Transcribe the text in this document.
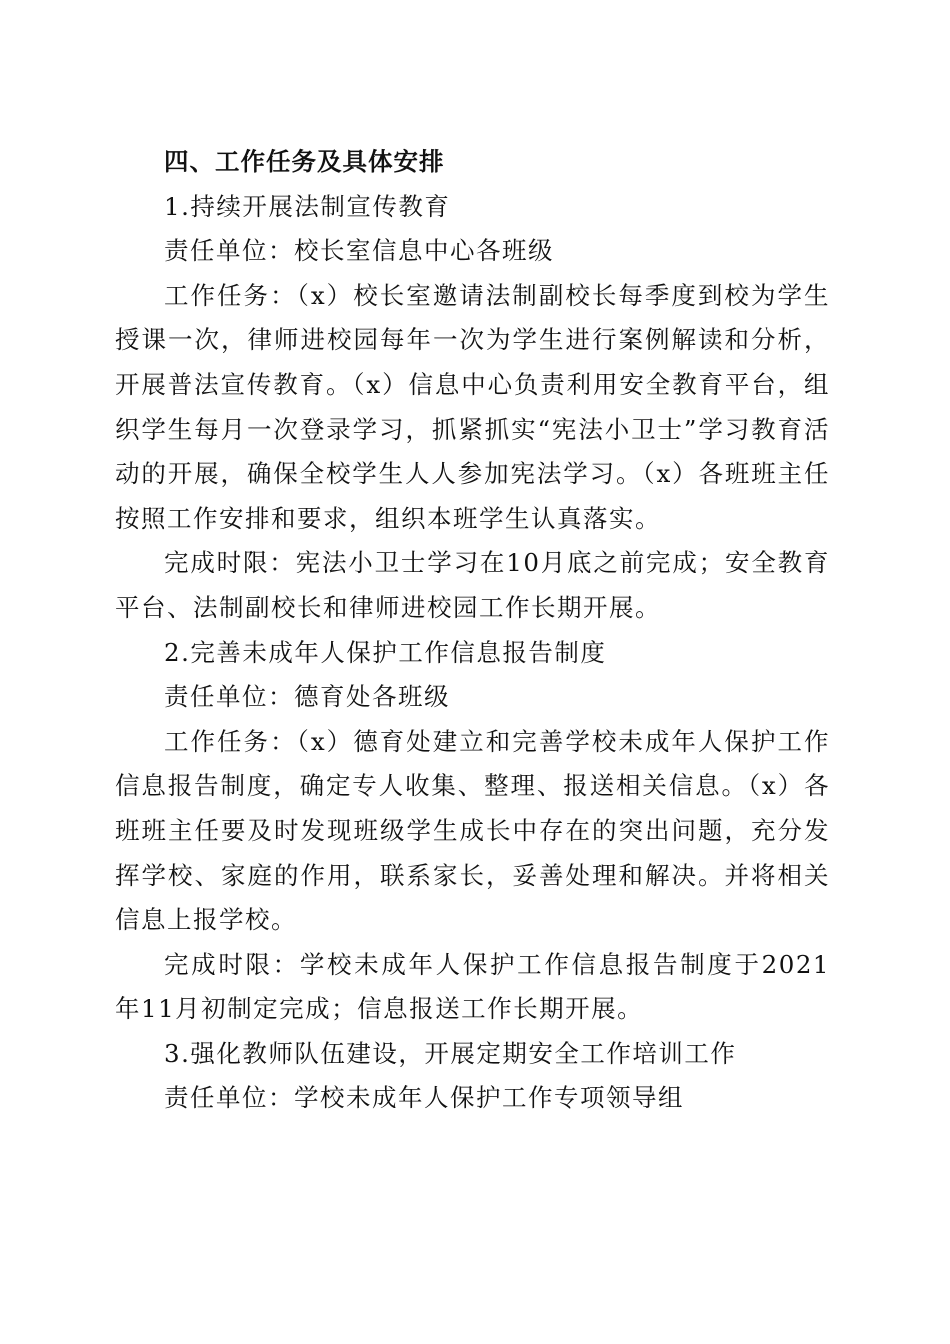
四、工作任务及具体安排

1.持续开展法制宣传教育

责任单位：校长室信息中心各班级

工作任务：（x）校长室邀请法制副校长每季度到校为学生授课一次，律师进校园每年一次为学生进行案例解读和分析，开展普法宣传教育。（x）信息中心负责利用安全教育平台，组织学生每月一次登录学习，抓紧抓实“宪法小卫士”学习教育活动的开展，确保全校学生人人参加宪法学习。（x）各班班主任按照工作安排和要求，组织本班学生认真落实。

完成时限：宪法小卫士学习在10月底之前完成；安全教育平台、法制副校长和律师进校园工作长期开展。

2.完善未成年人保护工作信息报告制度

责任单位：德育处各班级

工作任务：（x）德育处建立和完善学校未成年人保护工作信息报告制度，确定专人收集、整理、报送相关信息。（x）各班班主任要及时发现班级学生成长中存在的突出问题，充分发挥学校、家庭的作用，联系家长，妥善处理和解决。并将相关信息上报学校。

完成时限：学校未成年人保护工作信息报告制度于2021年11月初制定完成；信息报送工作长期开展。

3.强化教师队伍建设，开展定期安全工作培训工作

责任单位：学校未成年人保护工作专项领导组
